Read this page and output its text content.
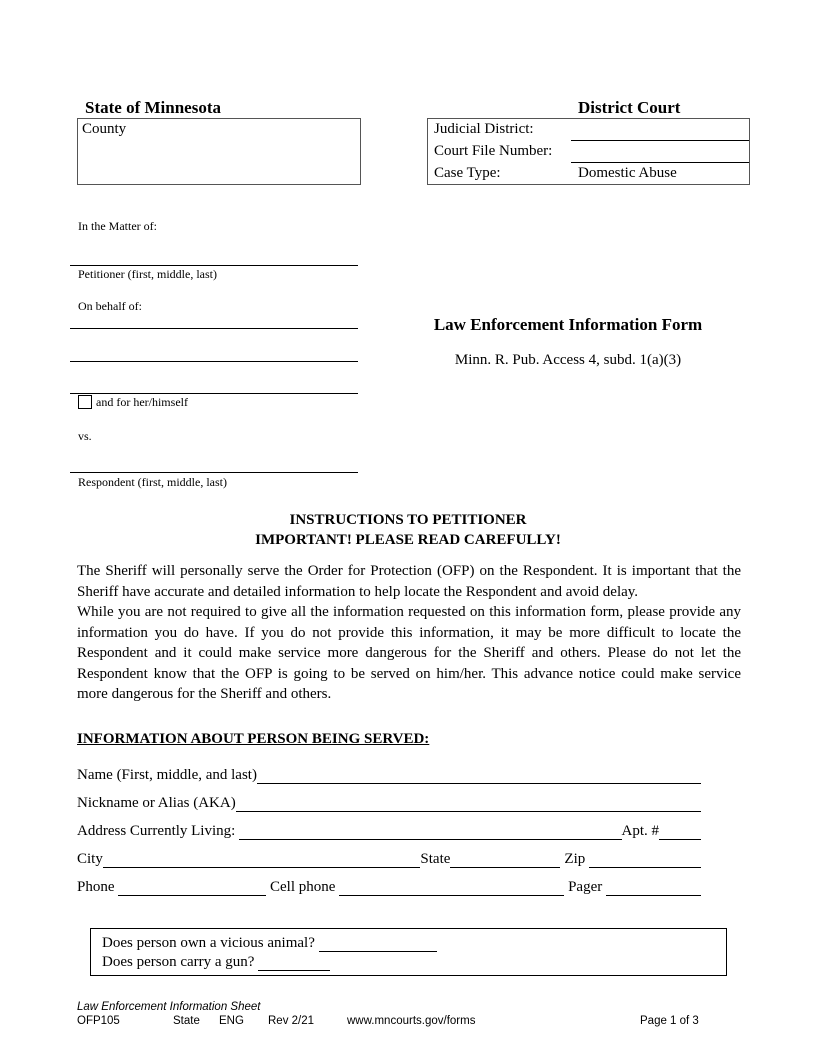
State of Minnesota
County
District Court
Judicial District:
Court File Number:
Case Type:	Domestic Abuse
In the Matter of:
Petitioner (first, middle, last)
On behalf of:
and for her/himself
vs.
Respondent (first, middle, last)
Law Enforcement Information Form
Minn. R. Pub. Access 4, subd. 1(a)(3)
INSTRUCTIONS TO PETITIONER
IMPORTANT! PLEASE READ CAREFULLY!
The Sheriff will personally serve the Order for Protection (OFP) on the Respondent. It is important that the Sheriff have accurate and detailed information to help locate the Respondent and avoid delay.
While you are not required to give all the information requested on this information form, please provide any information you do have. If you do not provide this information, it may be more difficult to locate the Respondent and it could make service more dangerous for the Sheriff and others. Please do not let the Respondent know that the OFP is going to be served on him/her. This advance notice could make service more dangerous for the Sheriff and others.
INFORMATION ABOUT PERSON BEING SERVED:
Name (First, middle, and last)
Nickname or Alias (AKA)
Address Currently Living:	Apt. #
City	State	Zip
Phone	Cell phone	Pager
Does person own a vicious animal?
Does person carry a gun?
Law Enforcement Information Sheet
OFP105	State ENG Rev 2/21	www.mncourts.gov/forms	Page 1 of 3
